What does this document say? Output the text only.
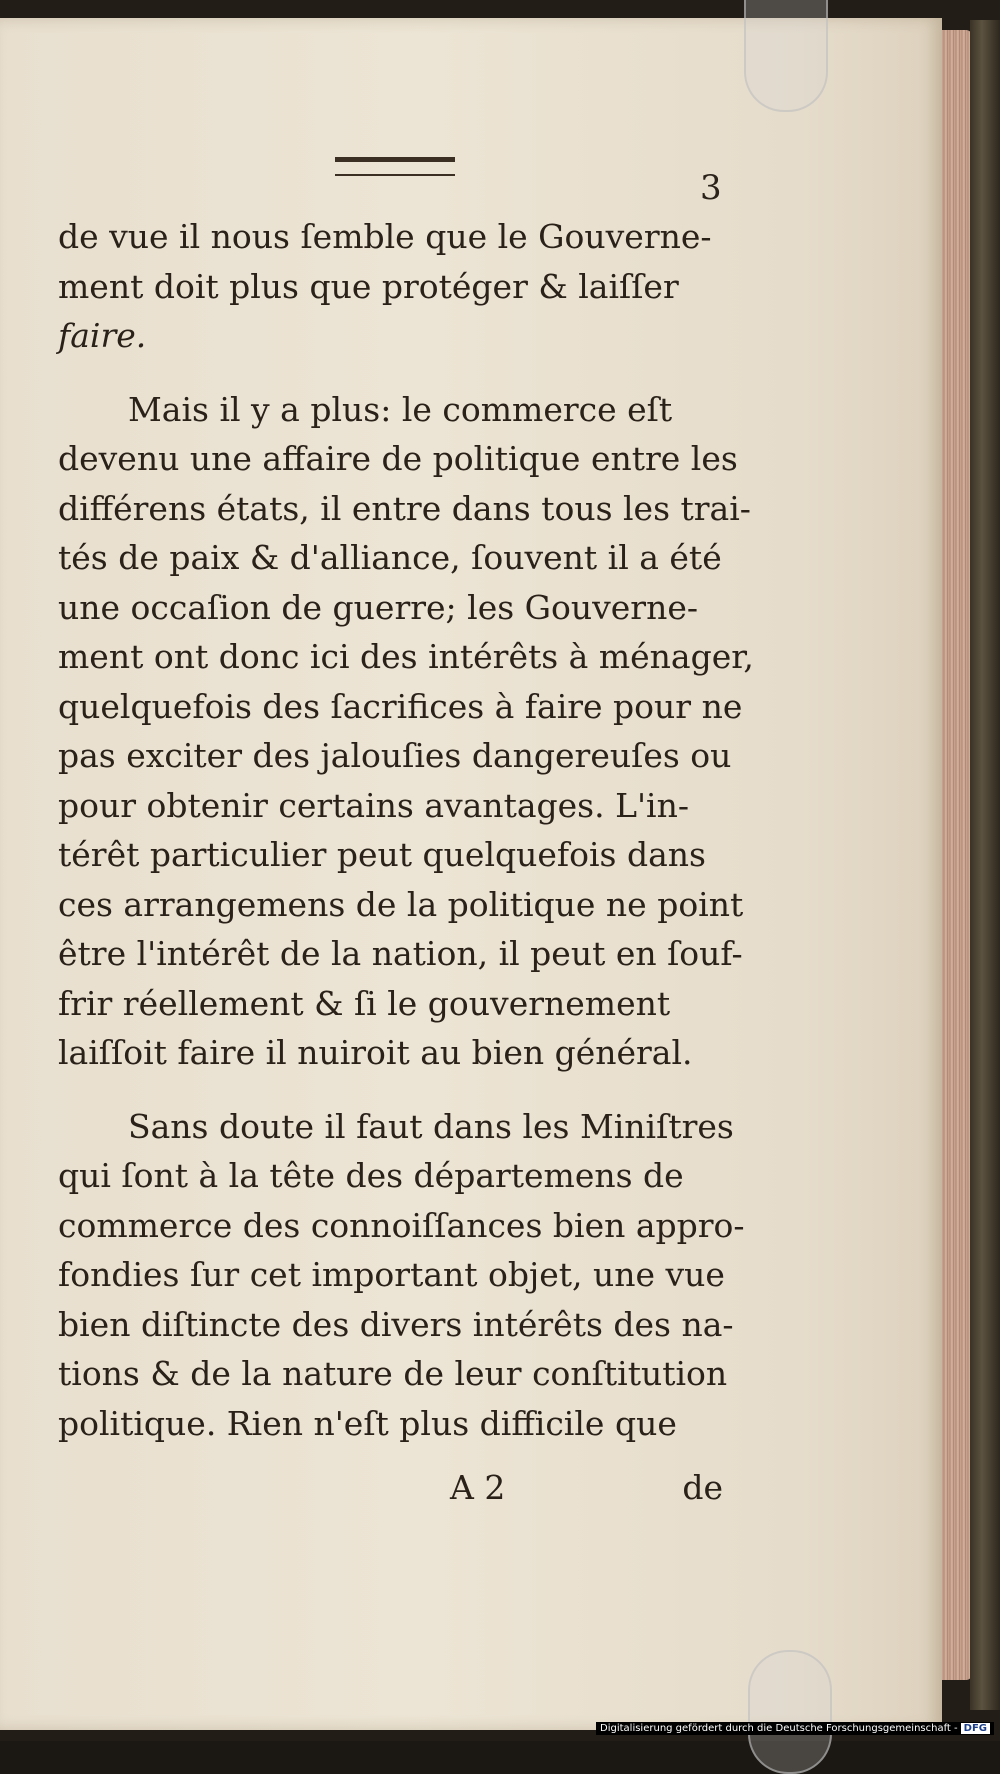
3
de vue il nous ſemble que le Gouverne-
ment doit plus que protéger & laiſſer
faire.
Mais il y a plus: le commerce eſt
devenu une affaire de politique entre les
différens états, il entre dans tous les trai-
tés de paix & d'alliance, ſouvent il a été
une occaſion de guerre; les Gouverne-
ment ont donc ici des intérêts à ménager,
quelquefois des ſacrifices à faire pour ne
pas exciter des jalouſies dangereuſes ou
pour obtenir certains avantages. L'in-
térêt particulier peut quelquefois dans
ces arrangemens de la politique ne point
être l'intérêt de la nation, il peut en ſouf-
frir réellement & ſi le gouvernement
laiſſoit faire il nuiroit au bien général.
Sans doute il faut dans les Miniſtres
qui ſont à la tête des départemens de
commerce des connoiſſances bien appro-
fondies ſur cet important objet, une vue
bien diſtincte des divers intérêts des na-
tions & de la nature de leur conſtitution
politique. Rien n'eſt plus difficile que
A 2	de
Digitalisierung gefördert durch die Deutsche Forschungsgemeinschaft - DFG
